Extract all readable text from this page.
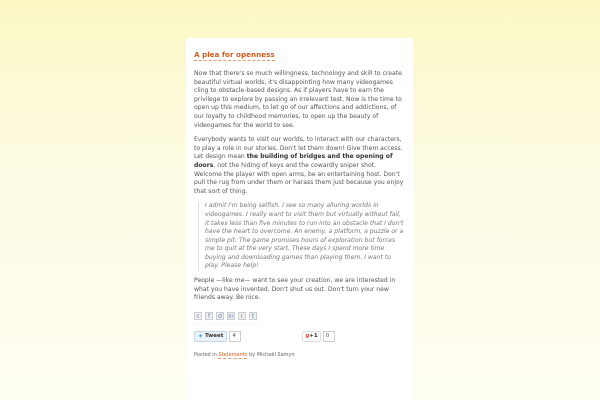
A plea for openness

Now that there's so much willingness, technology and skill to create beautiful virtual worlds, it's disappointing how many videogames cling to obstacle-based designs. As if players have to earn the privilege to explore by passing an irrelevant test. Now is the time to open up this medium, to let go of our affections and addictions, of our loyalty to childhood memories, to open up the beauty of videogames for the world to see.

Everybody wants to visit our worlds, to interact with our characters, to play a role in our stories. Don't let them down! Give them access. Let design mean the building of bridges and the opening of doors, not the hiding of keys and the cowardly sniper shot. Welcome the player with open arms, be an entertaining host. Don't pull the rug from under them or harass them just because you enjoy that sort of thing.

I admit I'm being selfish. I see so many alluring worlds in videogames. I really want to visit them but virtually without fail, it takes less than five minutes to run into an obstacle that I don't have the heart to overcome. An enemy, a platform, a puzzle or a simple pit. The game promises hours of exploration but forces me to quit at the very start. These days I spend more time buying and downloading games than playing them. I want to play. Please help!

People —like me— want to see your creation, we are interested in what you have invented. Don't shut us out. Don't turn your new friends away. Be nice.

c	f	d	in	r	t
···· ···· ···· ···· ···· ····
✦ Tweet	4	g+1	0
Posted in Statements by Michaël Samyn
